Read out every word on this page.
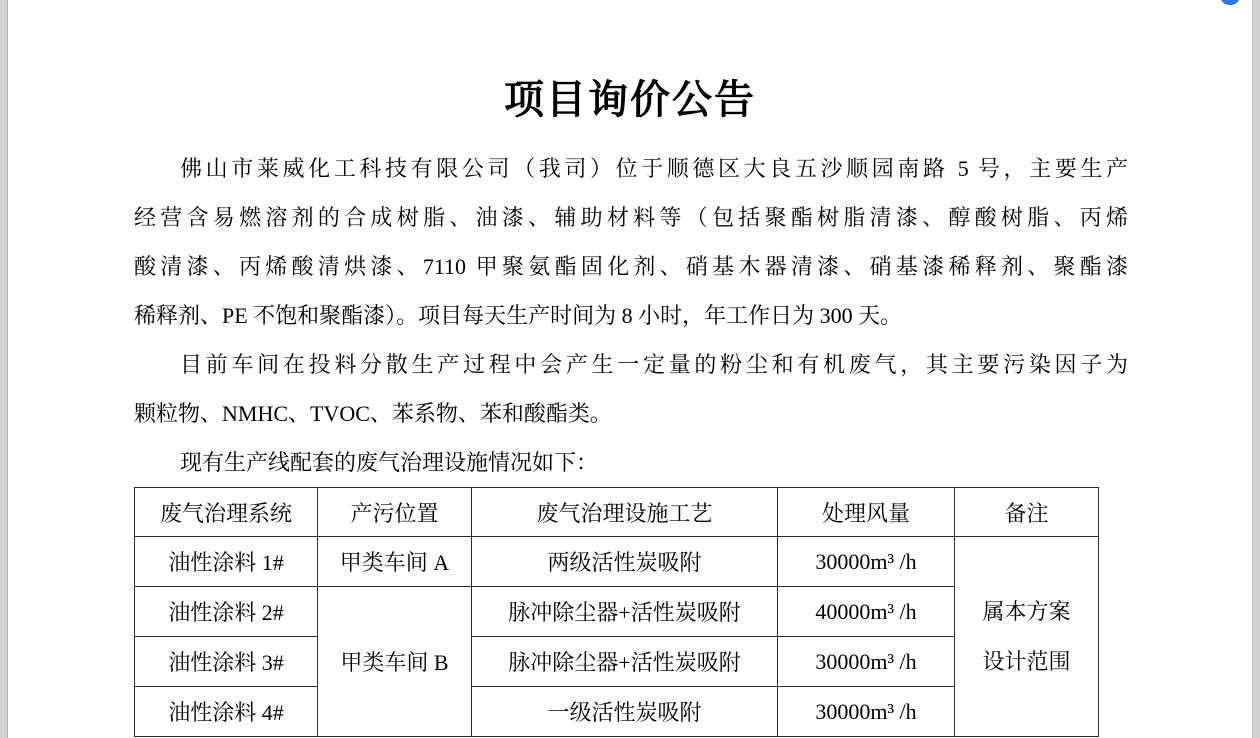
项目询价公告
佛山市莱威化工科技有限公司（我司）位于顺德区大良五沙顺园南路 5 号，主要生产
经营含易燃溶剂的合成树脂、油漆、辅助材料等（包括聚酯树脂清漆、醇酸树脂、丙烯
酸清漆、丙烯酸清烘漆、7110 甲聚氨酯固化剂、硝基木器清漆、硝基漆稀释剂、聚酯漆
稀释剂、PE 不饱和聚酯漆）。项目每天生产时间为 8 小时，年工作日为 300 天。
目前车间在投料分散生产过程中会产生一定量的粉尘和有机废气，其主要污染因子为
颗粒物、NMHC、TVOC、苯系物、苯和酸酯类。
现有生产线配套的废气治理设施情况如下：
废气治理系统	产污位置	废气治理设施工艺	处理风量	备注
油性涂料 1#	甲类车间 A	两级活性炭吸附	30000m³ /h	属本方案
设计范围

油性涂料 2#	甲类车间 B	脉冲除尘器+活性炭吸附	40000m³ /h	
油性涂料 3#		脉冲除尘器+活性炭吸附	30000m³ /h	
油性涂料 4#		一级活性炭吸附	30000m³ /h	
